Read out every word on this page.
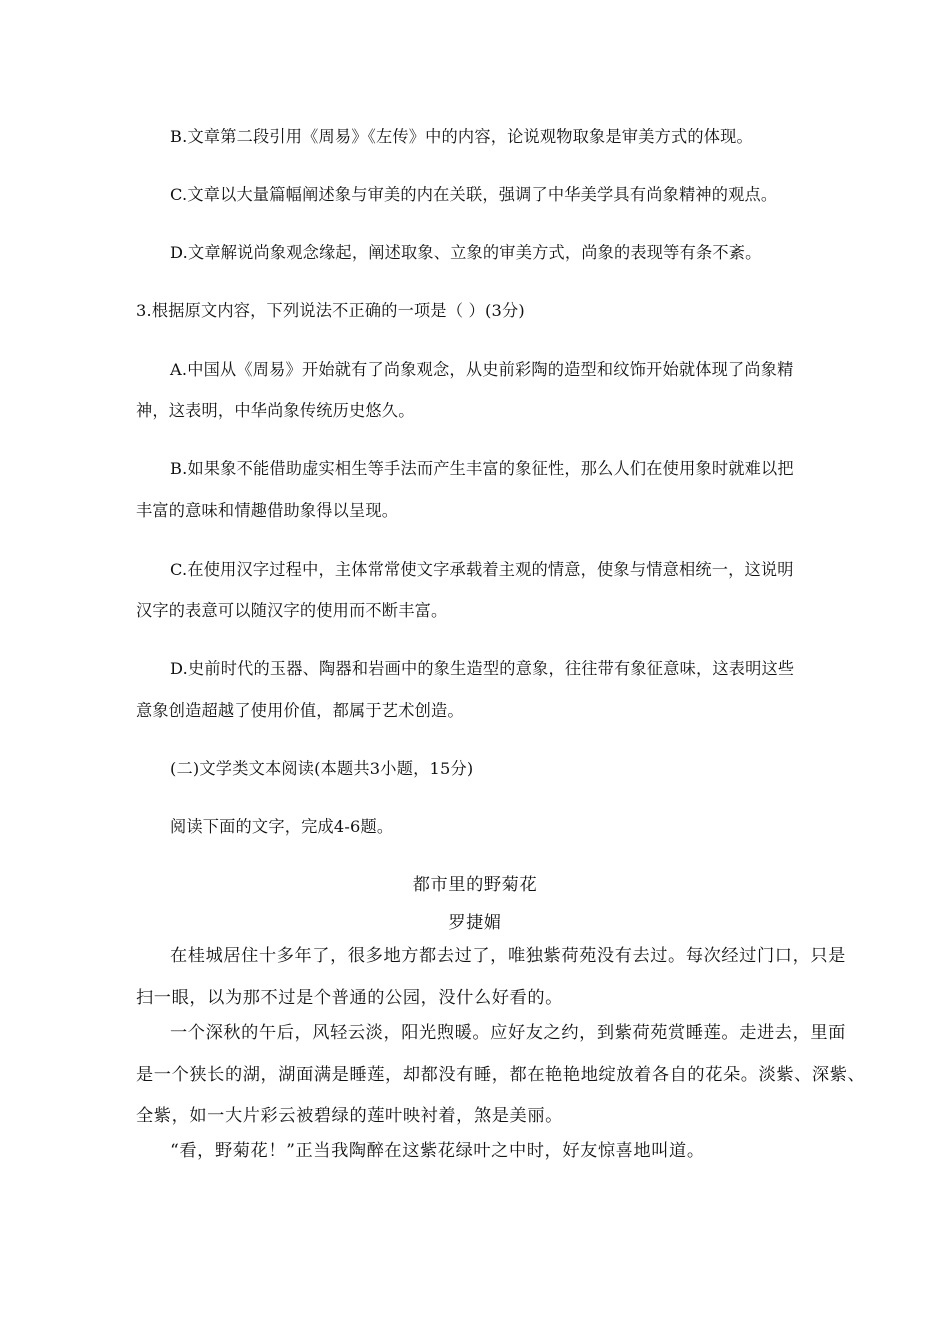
B.文章第二段引用《周易》《左传》中的内容，论说观物取象是审美方式的体现。

C.文章以大量篇幅阐述象与审美的内在关联，强调了中华美学具有尚象精神的观点。

D.文章解说尚象观念缘起，阐述取象、立象的审美方式，尚象的表现等有条不紊。

3.根据原文内容，下列说法不正确的一项是（ ）(3分)

A.中国从《周易》开始就有了尚象观念，从史前彩陶的造型和纹饰开始就体现了尚象精

神，这表明，中华尚象传统历史悠久。

B.如果象不能借助虚实相生等手法而产生丰富的象征性，那么人们在使用象时就难以把

丰富的意味和情趣借助象得以呈现。

C.在使用汉字过程中，主体常常使文字承载着主观的情意，使象与情意相统一，这说明

汉字的表意可以随汉字的使用而不断丰富。

D.史前时代的玉器、陶器和岩画中的象生造型的意象，往往带有象征意味，这表明这些

意象创造超越了使用价值，都属于艺术创造。

(二)文学类文本阅读(本题共3小题，15分)

阅读下面的文字，完成4-6题。

都市里的野菊花

罗捷媚

在桂城居住十多年了，很多地方都去过了，唯独紫荷苑没有去过。每次经过门口，只是

扫一眼，以为那不过是个普通的公园，没什么好看的。

一个深秋的午后，风轻云淡，阳光煦暖。应好友之约，到紫荷苑赏睡莲。走进去，里面

是一个狭长的湖，湖面满是睡莲，却都没有睡，都在艳艳地绽放着各自的花朵。淡紫、深紫、

全紫，如一大片彩云被碧绿的莲叶映衬着，煞是美丽。

“看，野菊花！”正当我陶醉在这紫花绿叶之中时，好友惊喜地叫道。
